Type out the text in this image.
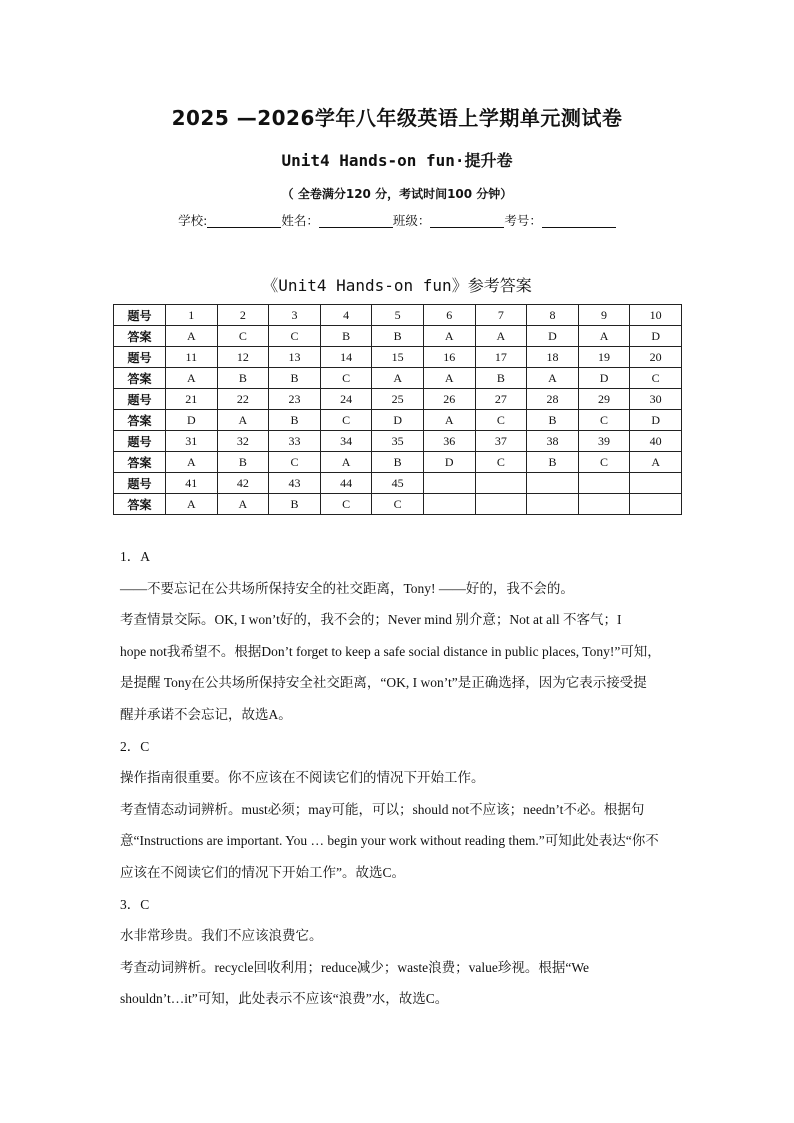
2025 —2026学年八年级英语上学期单元测试卷
Unit4 Hands-on fun·提升卷
（ 全卷满分120 分，考试时间100 分钟）
学校:	姓名：	班级：	考号：
《Unit4 Hands-on fun》参考答案
题号	1	2	3	4	5	6	7	8	9	10
答案	A	C	C	B	B	A	A	D	A	D
题号	11	12	13	14	15	16	17	18	19	20
答案	A	B	B	C	A	A	B	A	D	C
题号	21	22	23	24	25	26	27	28	29	30
答案	D	A	B	C	D	A	C	B	C	D
题号	31	32	33	34	35	36	37	38	39	40
答案	A	B	C	A	B	D	C	B	C	A
题号	41	42	43	44	45					
答案	A	A	B	C	C					

1．A

——不要忘记在公共场所保持安全的社交距离，Tony! ——好的，我不会的。

考查情景交际。OK, I won’t好的，我不会的；Never mind 别介意；Not at all 不客气；I

hope not我希望不。根据Don’t forget to keep a safe social distance in public places, Tony!”可知，

是提醒 Tony在公共场所保持安全社交距离，“OK, I won’t”是正确选择，因为它表示接受提

醒并承诺不会忘记，故选A。

2．C

操作指南很重要。你不应该在不阅读它们的情况下开始工作。

考查情态动词辨析。must必须；may可能，可以；should not不应该；needn’t不必。根据句

意“Instructions are important. You … begin your work without reading them.”可知此处表达“你不

应该在不阅读它们的情况下开始工作”。故选C。

3．C

水非常珍贵。我们不应该浪费它。

考查动词辨析。recycle回收利用；reduce减少；waste浪费；value珍视。根据“We

shouldn’t…it”可知，此处表示不应该“浪费”水，故选C。
